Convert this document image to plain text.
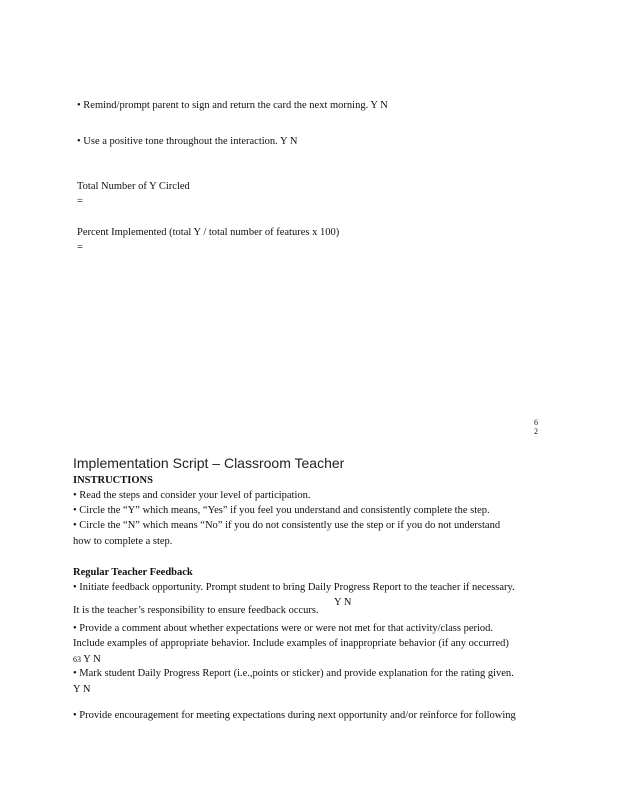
• Remind/prompt parent to sign and return the card the next morning. Y N
• Use a positive tone throughout the interaction. Y N
Total Number of Y Circled
=
Percent Implemented (total Y / total number of features x 100)
=
6
2
Implementation Script – Classroom Teacher
INSTRUCTIONS
• Read the steps and consider your level of participation.
• Circle the “Y” which means, “Yes” if you feel you understand and consistently complete the step.
• Circle the “N” which means “No” if you do not consistently use the step or if you do not understand
how to complete a step.
Regular Teacher Feedback
• Initiate feedback opportunity. Prompt student to bring Daily Progress Report to the teacher if necessary.
It is the teacher’s responsibility to ensure feedback occurs.
Y N
• Provide a comment about whether expectations were or were not met for that activity/class period.
Include examples of appropriate behavior. Include examples of inappropriate behavior (if any occurred)
63 Y N
• Mark student Daily Progress Report (i.e.,points or sticker) and provide explanation for the rating given.
Y N
• Provide encouragement for meeting expectations during next opportunity and/or reinforce for following
